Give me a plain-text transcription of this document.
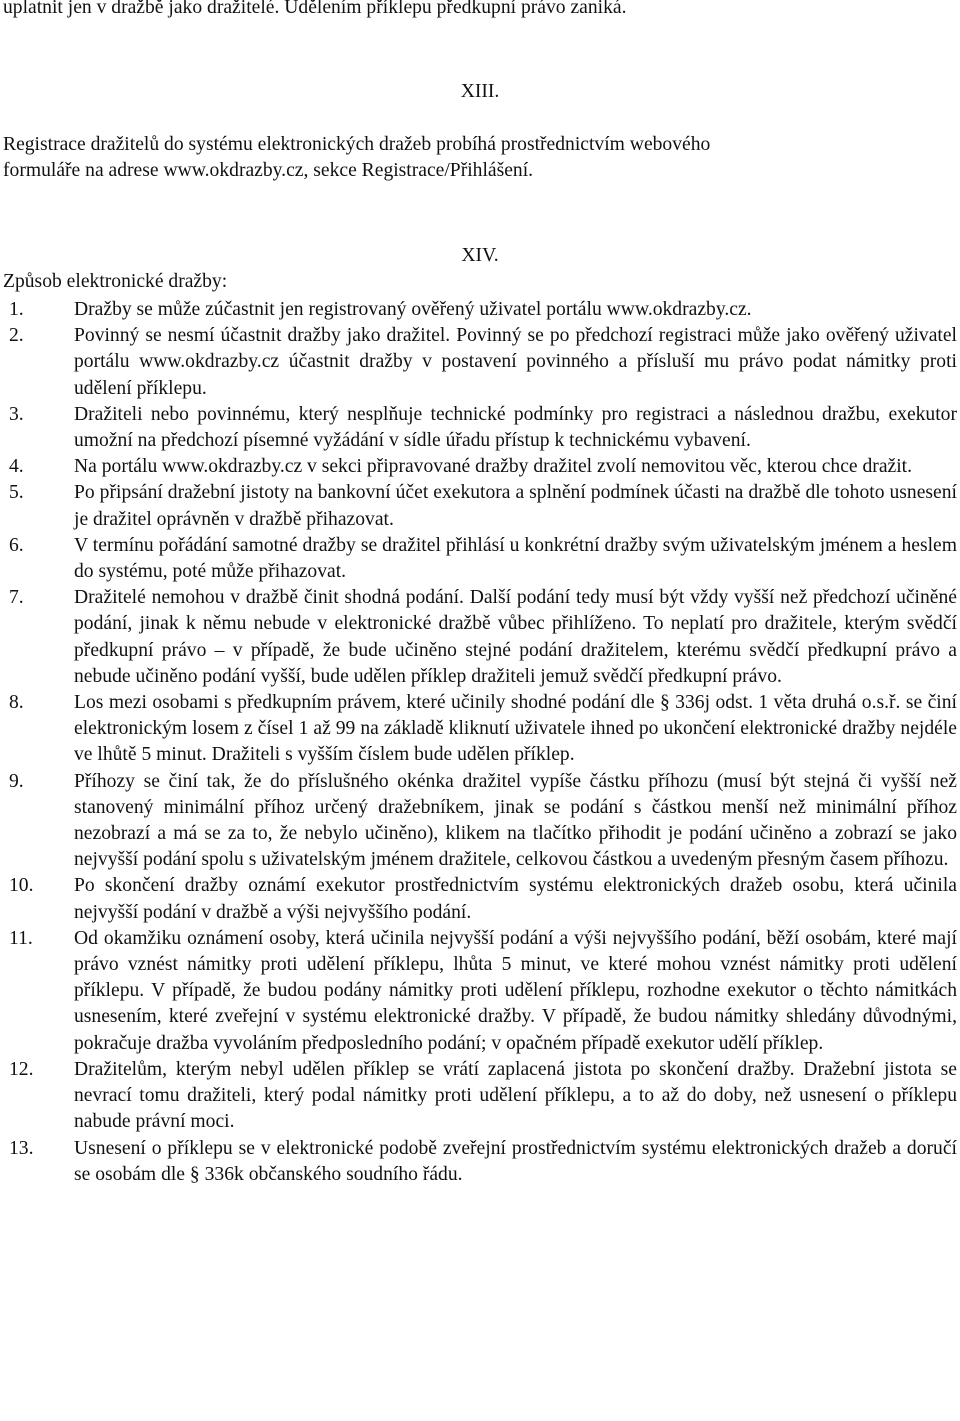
uplatnit jen v dražbě jako dražitelé. Udělením příklepu předkupní právo zaniká.
XIII.
Registrace dražitelů do systému elektronických dražeb probíhá prostřednictvím webového
formuláře na adrese www.okdrazby.cz, sekce Registrace/Přihlášení.
XIV.
Způsob elektronické dražby:
1.	Dražby se může zúčastnit jen registrovaný ověřený uživatel portálu www.okdrazby.cz.
2.	Povinný se nesmí účastnit dražby jako dražitel. Povinný se po předchozí registraci může jako ověřený uživatel portálu www.okdrazby.cz účastnit dražby v postavení povinného a přísluší mu právo podat námitky proti udělení příklepu.
3.	Dražiteli nebo povinnému, který nesplňuje technické podmínky pro registraci a následnou dražbu, exekutor umožní na předchozí písemné vyžádání v sídle úřadu přístup k technickému vybavení.
4.	Na portálu www.okdrazby.cz v sekci připravované dražby dražitel zvolí nemovitou věc, kterou chce dražit.
5.	Po připsání dražební jistoty na bankovní účet exekutora a splnění podmínek účasti na dražbě dle tohoto usnesení je dražitel oprávněn v dražbě přihazovat.
6.	V termínu pořádání samotné dražby se dražitel přihlásí u konkrétní dražby svým uživatelským jménem a heslem do systému, poté může přihazovat.
7.	Dražitelé nemohou v dražbě činit shodná podání. Další podání tedy musí být vždy vyšší než předchozí učiněné podání, jinak k němu nebude v elektronické dražbě vůbec přihlíženo. To neplatí pro dražitele, kterým svědčí předkupní právo – v případě, že bude učiněno stejné podání dražitelem, kterému svědčí předkupní právo a nebude učiněno podání vyšší, bude udělen příklep dražiteli jemuž svědčí předkupní právo.
8.	Los mezi osobami s předkupním právem, které učinily shodné podání dle § 336j odst. 1 věta druhá o.s.ř. se činí elektronickým losem z čísel 1 až 99 na základě kliknutí uživatele ihned po ukončení elektronické dražby nejdéle ve lhůtě 5 minut. Dražiteli s vyšším číslem bude udělen příklep.
9.	Příhozy se činí tak, že do příslušného okénka dražitel vypíše částku příhozu (musí být stejná či vyšší než stanovený minimální příhoz určený dražebníkem, jinak se podání s částkou menší než minimální příhoz nezobrazí a má se za to, že nebylo učiněno), klikem na tlačítko přihodit je podání učiněno a zobrazí se jako nejvyšší podání spolu s uživatelským jménem dražitele, celkovou částkou a uvedeným přesným časem příhozu.
10. Po skončení dražby oznámí exekutor prostřednictvím systému elektronických dražeb osobu, která učinila nejvyšší podání v dražbě a výši nejvyššího podání.
11. Od okamžiku oznámení osoby, která učinila nejvyšší podání a výši nejvyššího podání, běží osobám, které mají právo vznést námitky proti udělení příklepu, lhůta 5 minut, ve které mohou vznést námitky proti udělení příklepu. V případě, že budou podány námitky proti udělení příklepu, rozhodne exekutor o těchto námitkách usnesením, které zveřejní v systému elektronické dražby. V případě, že budou námitky shledány důvodnými, pokračuje dražba vyvoláním předposledního podání; v opačném případě exekutor udělí příklep.
12. Dražitelům, kterým nebyl udělen příklep se vrátí zaplacená jistota po skončení dražby. Dražební jistota se nevrací tomu dražiteli, který podal námitky proti udělení příklepu, a to až do doby, než usnesení o příklepu nabude právní moci.
13. Usnesení o příklepu se v elektronické podobě zveřejní prostřednictvím systému elektronických dražeb a doručí se osobám dle § 336k občanského soudního řádu.
